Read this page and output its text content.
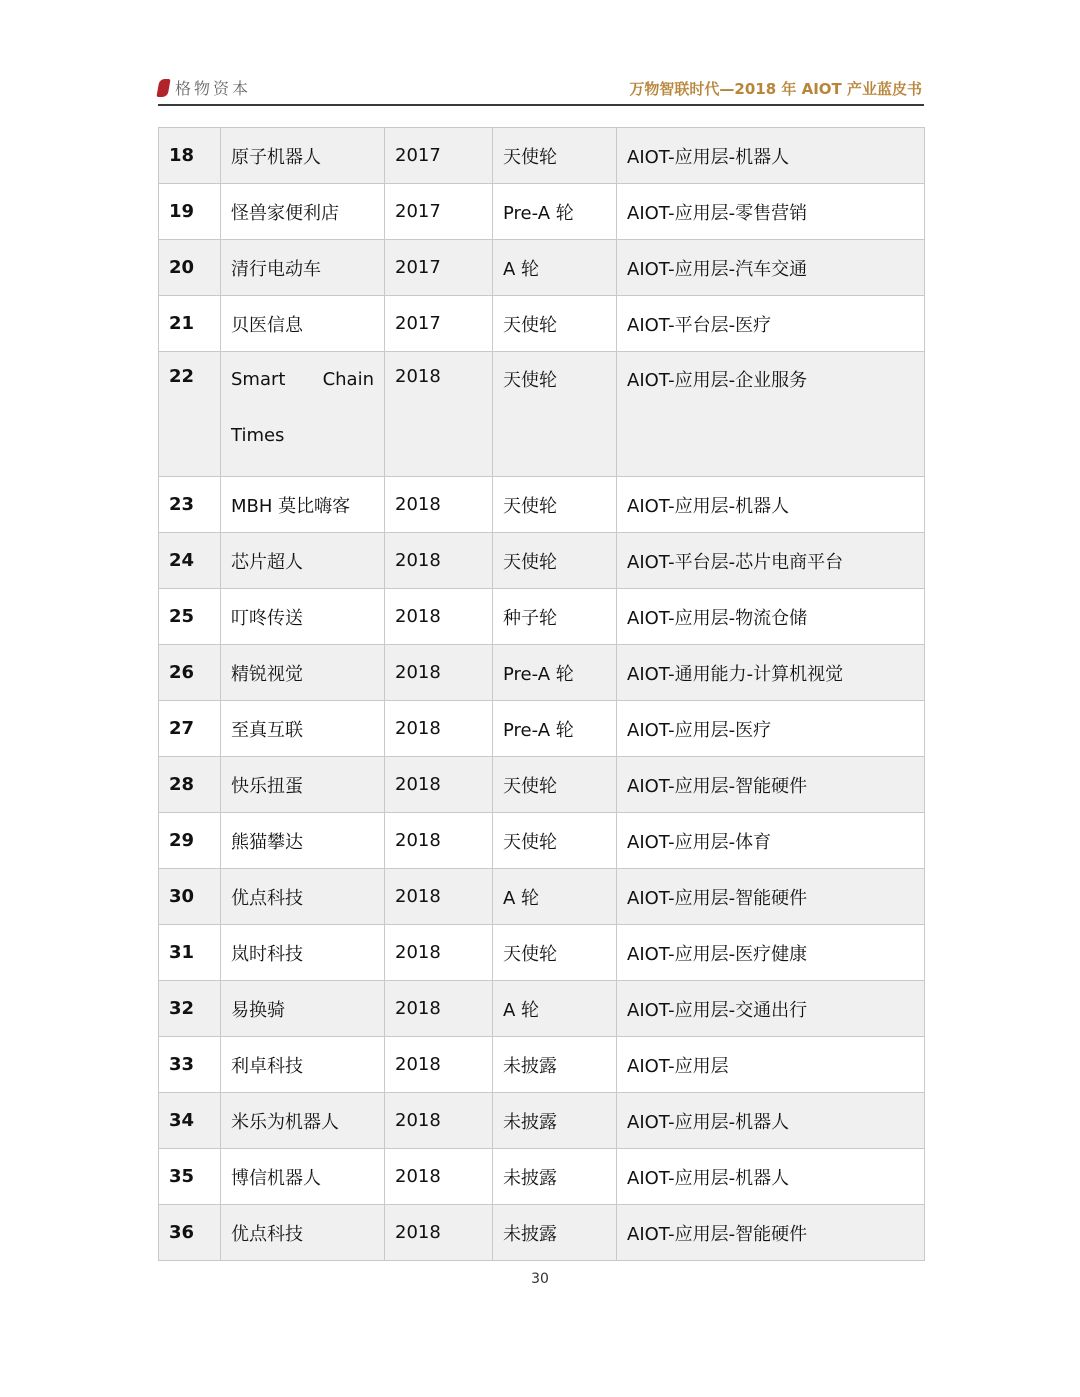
格物资本	万物智联时代—2018 年 AIOT 产业蓝皮书
18	原子机器人	2017	天使轮	AIOT-应用层-机器人
19	怪兽家便利店	2017	Pre-A 轮	AIOT-应用层-零售营销
20	清行电动车	2017	A 轮	AIOT-应用层-汽车交通
21	贝医信息	2017	天使轮	AIOT-平台层-医疗
22	Smart Chain Times	2018	天使轮	AIOT-应用层-企业服务
23	MBH 莫比嗨客	2018	天使轮	AIOT-应用层-机器人
24	芯片超人	2018	天使轮	AIOT-平台层-芯片电商平台
25	叮咚传送	2018	种子轮	AIOT-应用层-物流仓储
26	精锐视觉	2018	Pre-A 轮	AIOT-通用能力-计算机视觉
27	至真互联	2018	Pre-A 轮	AIOT-应用层-医疗
28	快乐扭蛋	2018	天使轮	AIOT-应用层-智能硬件
29	熊猫攀达	2018	天使轮	AIOT-应用层-体育
30	优点科技	2018	A 轮	AIOT-应用层-智能硬件
31	岚时科技	2018	天使轮	AIOT-应用层-医疗健康
32	易换骑	2018	A 轮	AIOT-应用层-交通出行
33	利卓科技	2018	未披露	AIOT-应用层
34	米乐为机器人	2018	未披露	AIOT-应用层-机器人
35	博信机器人	2018	未披露	AIOT-应用层-机器人
36	优点科技	2018	未披露	AIOT-应用层-智能硬件
30
